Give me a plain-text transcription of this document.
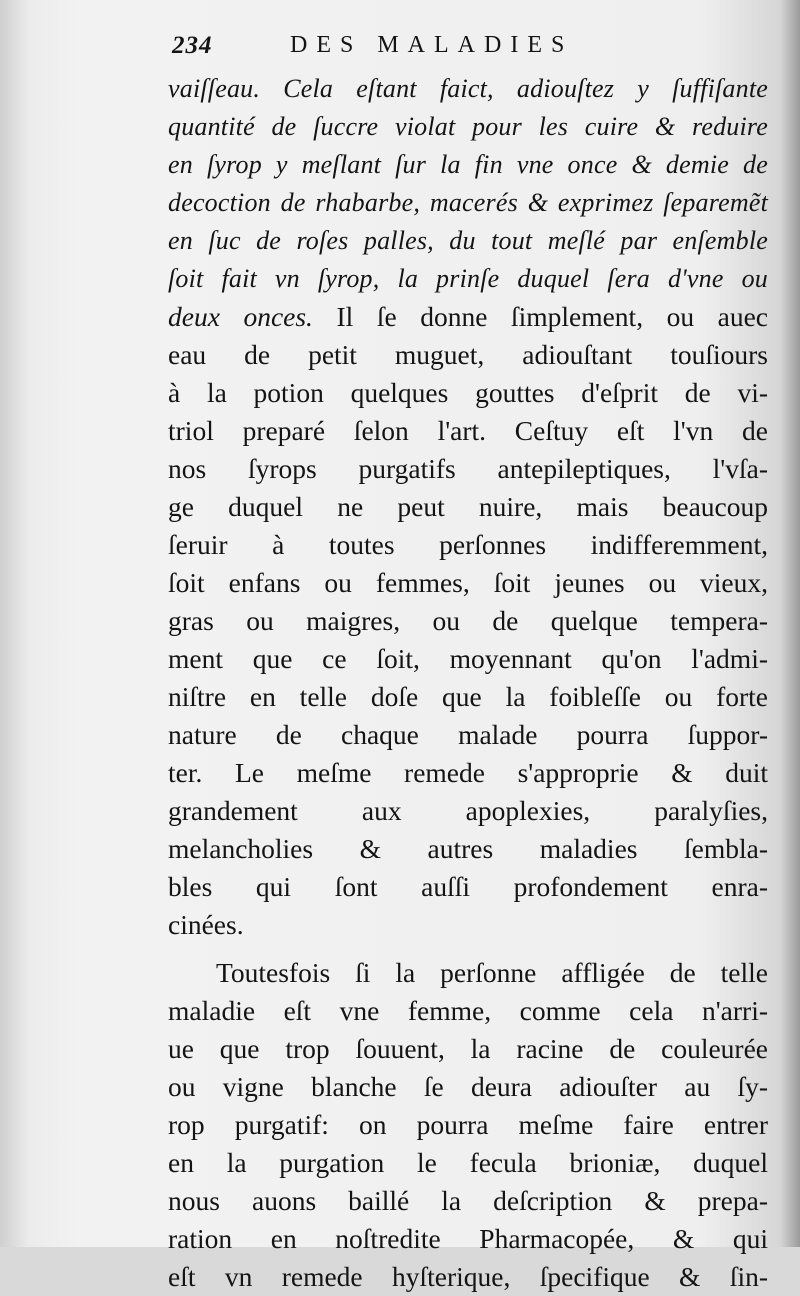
234	DES MALADIES
vaiſſeau. Cela eſtant faict, adiouſtez y ſuffiſante
quantité de ſuccre violat pour les cuire & reduire
en ſyrop y meſlant ſur la fin vne once & demie de
decoction de rhabarbe, macerés & exprimez ſeparemẽt
en ſuc de roſes palles, du tout meſlé par enſemble
ſoit fait vn ſyrop, la prinſe duquel ſera d'vne ou
deux onces. Il ſe donne ſimplement, ou auec
eau de petit muguet, adiouſtant touſiours
à la potion quelques gouttes d'eſprit de vi-
triol preparé ſelon l'art. Ceſtuy eſt l'vn de
nos ſyrops purgatifs antepileptiques, l'vſa-
ge duquel ne peut nuire, mais beaucoup
ſeruir à toutes perſonnes indifferemment,
ſoit enfans ou femmes, ſoit jeunes ou vieux,
gras ou maigres, ou de quelque tempera-
ment que ce ſoit, moyennant qu'on l'admi-
niſtre en telle doſe que la foibleſſe ou forte
nature de chaque malade pourra ſuppor-
ter. Le meſme remede s'approprie & duit
grandement aux apoplexies, paralyſies,
melancholies & autres maladies ſembla-
bles qui ſont auſſi profondement enra-
cinées.
Toutesfois ſi la perſonne affligée de telle
maladie eſt vne femme, comme cela n'arri-
ue que trop ſouuent, la racine de couleurée
ou vigne blanche ſe deura adiouſter au ſy-
rop purgatif: on pourra meſme faire entrer
en la purgation le fecula brioniæ, duquel
nous auons baillé la deſcription & prepa-
ration en noſtredite Pharmacopée, & qui
eſt vn remede hyſterique, ſpecifique & ſin-
